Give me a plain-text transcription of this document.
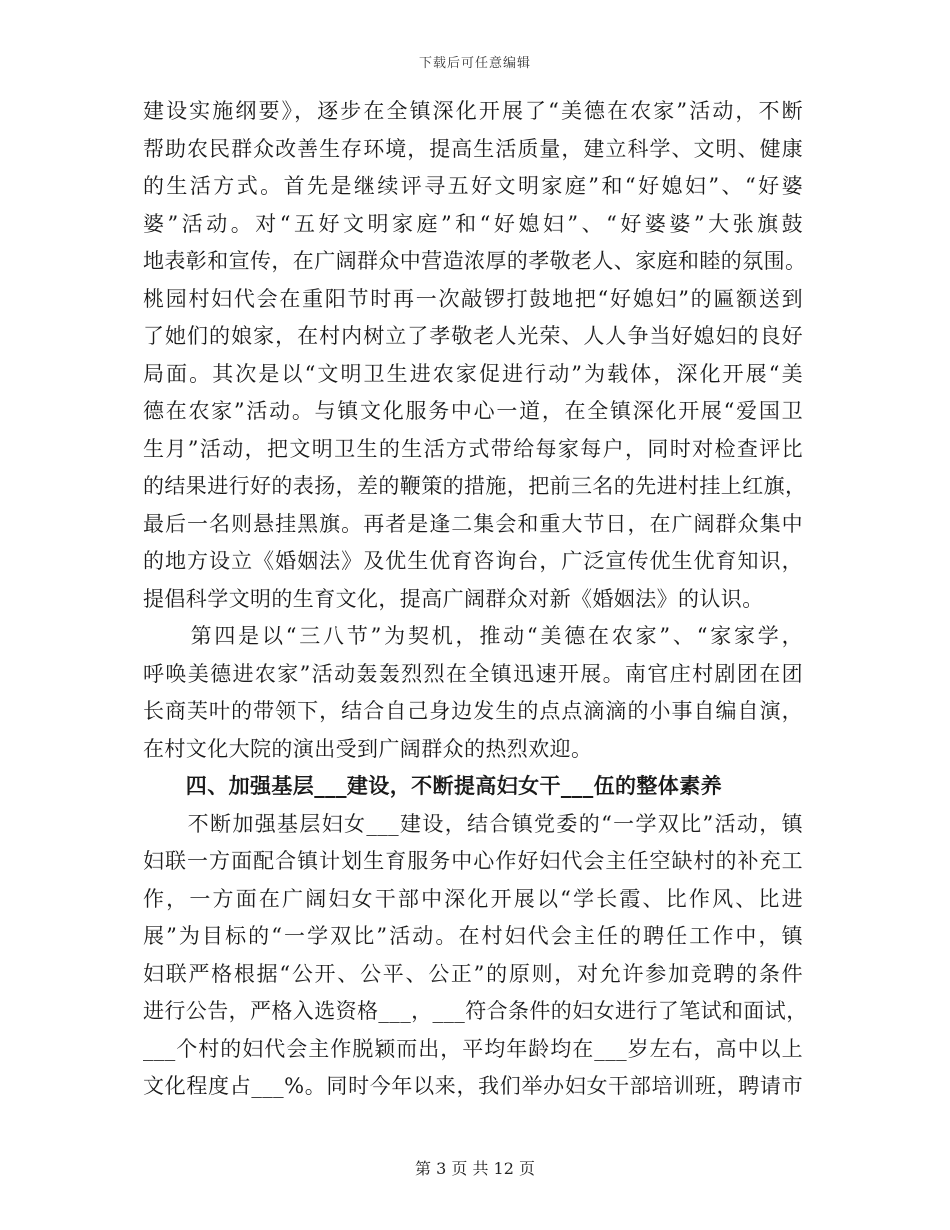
下载后可任意编辑
建设实施纲要》，逐步在全镇深化开展了“美德在农家”活动，不断
帮助农民群众改善生存环境，提高生活质量，建立科学、文明、健康
的生活方式。首先是继续评寻五好文明家庭”和“好媳妇”、“好婆
婆”活动。对“五好文明家庭”和“好媳妇”、“好婆婆”大张旗鼓
地表彰和宣传，在广阔群众中营造浓厚的孝敬老人、家庭和睦的氛围。
桃园村妇代会在重阳节时再一次敲锣打鼓地把“好媳妇”的匾额送到
了她们的娘家，在村内树立了孝敬老人光荣、人人争当好媳妇的良好
局面。其次是以“文明卫生进农家促进行动”为载体，深化开展“美
德在农家”活动。与镇文化服务中心一道，在全镇深化开展“爱国卫
生月”活动，把文明卫生的生活方式带给每家每户，同时对检查评比
的结果进行好的表扬，差的鞭策的措施，把前三名的先进村挂上红旗，
最后一名则悬挂黑旗。再者是逢二集会和重大节日，在广阔群众集中
的地方设立《婚姻法》及优生优育咨询台，广泛宣传优生优育知识，
提倡科学文明的生育文化，提高广阔群众对新《婚姻法》的认识。
　　第四是以“三八节”为契机，推动“美德在农家”、“家家学，
呼唤美德进农家”活动轰轰烈烈在全镇迅速开展。南官庄村剧团在团
长商芙叶的带领下，结合自己身边发生的点点滴滴的小事自编自演，
在村文化大院的演出受到广阔群众的热烈欢迎。
　　四、加强基层___建设，不断提高妇女干___伍的整体素养
　　不断加强基层妇女___建设，结合镇党委的“一学双比”活动，镇
妇联一方面配合镇计划生育服务中心作好妇代会主任空缺村的补充工
作，一方面在广阔妇女干部中深化开展以“学长霞、比作风、比进
展”为目标的“一学双比”活动。在村妇代会主任的聘任工作中，镇
妇联严格根据“公开、公平、公正”的原则，对允许参加竞聘的条件
进行公告，严格入选资格___，___符合条件的妇女进行了笔试和面试，
___个村的妇代会主作脱颖而出，平均年龄均在___岁左右，高中以上
文化程度占___%。同时今年以来，我们举办妇女干部培训班，聘请市
第 3 页 共 12 页
